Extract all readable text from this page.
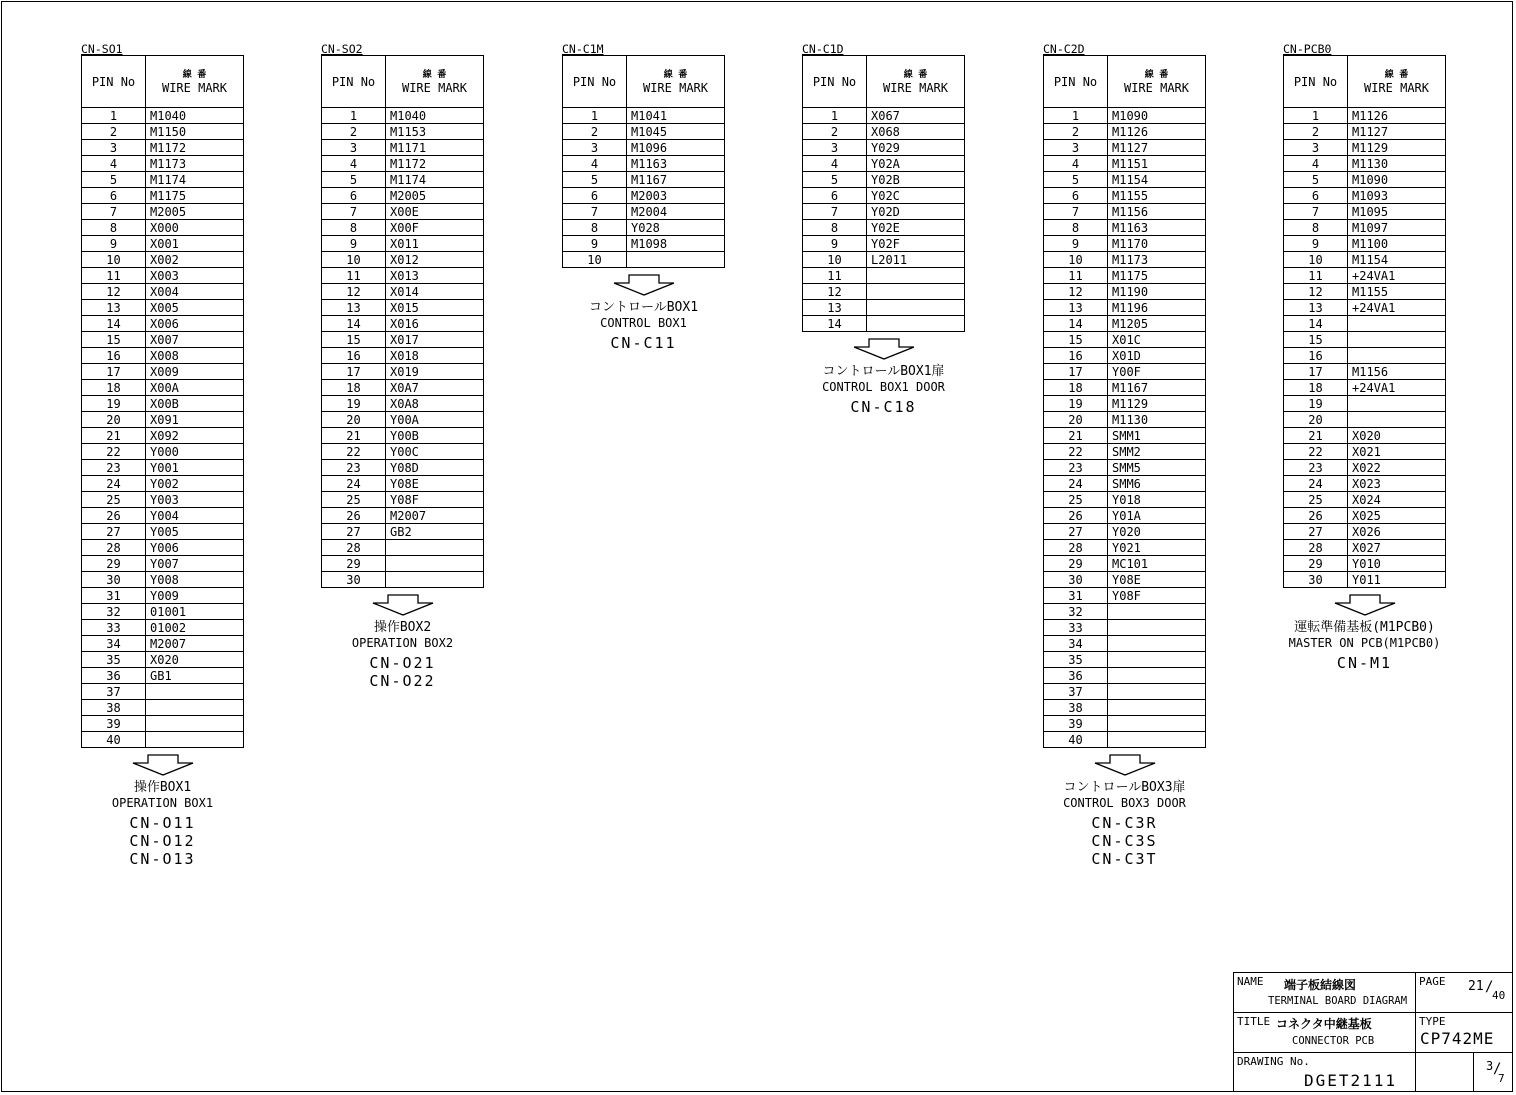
CN-SO1
PIN No	線 番
WIRE MARK

1	M1040
2	M1150
3	M1172
4	M1173
5	M1174
6	M1175
7	M2005
8	X000
9	X001
10	X002
11	X003
12	X004
13	X005
14	X006
15	X007
16	X008
17	X009
18	X00A
19	X00B
20	X091
21	X092
22	Y000
23	Y001
24	Y002
25	Y003
26	Y004
27	Y005
28	Y006
29	Y007
30	Y008
31	Y009
32	01001
33	01002
34	M2007
35	X020
36	GB1
37	
38	
39	
40	
操作BOX1
OPERATION BOX1
CN-O11
CN-O12
CN-O13
CN-SO2
PIN No	線 番
WIRE MARK

1	M1040
2	M1153
3	M1171
4	M1172
5	M1174
6	M2005
7	X00E
8	X00F
9	X011
10	X012
11	X013
12	X014
13	X015
14	X016
15	X017
16	X018
17	X019
18	X0A7
19	X0A8
20	Y00A
21	Y00B
22	Y00C
23	Y08D
24	Y08E
25	Y08F
26	M2007
27	GB2
28	
29	
30	
操作BOX2
OPERATION BOX2
CN-O21
CN-O22
CN-C1M
PIN No	線 番
WIRE MARK

1	M1041
2	M1045
3	M1096
4	M1163
5	M1167
6	M2003
7	M2004
8	Y028
9	M1098
10	
コントロールBOX1
CONTROL BOX1
CN-C11
CN-C1D
PIN No	線 番
WIRE MARK

1	X067
2	X068
3	Y029
4	Y02A
5	Y02B
6	Y02C
7	Y02D
8	Y02E
9	Y02F
10	L2011
11	
12	
13	
14	
コントロールBOX1扉
CONTROL BOX1 DOOR
CN-C18
CN-C2D
PIN No	線 番
WIRE MARK

1	M1090
2	M1126
3	M1127
4	M1151
5	M1154
6	M1155
7	M1156
8	M1163
9	M1170
10	M1173
11	M1175
12	M1190
13	M1196
14	M1205
15	X01C
16	X01D
17	Y00F
18	M1167
19	M1129
20	M1130
21	SMM1
22	SMM2
23	SMM5
24	SMM6
25	Y018
26	Y01A
27	Y020
28	Y021
29	MC101
30	Y08E
31	Y08F
32	
33	
34	
35	
36	
37	
38	
39	
40	
コントロールBOX3扉
CONTROL BOX3 DOOR
CN-C3R
CN-C3S
CN-C3T
CN-PCB0
PIN No	線 番
WIRE MARK

1	M1126
2	M1127
3	M1129
4	M1130
5	M1090
6	M1093
7	M1095
8	M1097
9	M1100
10	M1154
11	+24VA1
12	M1155
13	+24VA1
14	
15	
16	
17	M1156
18	+24VA1
19	
20	
21	X020
22	X021
23	X022
24	X023
25	X024
26	X025
27	X026
28	X027
29	Y010
30	Y011
運転準備基板(M1PCB0)
MASTER ON PCB(M1PCB0)
CN-M1
NAME 端子板結線図
TERMINAL BOARD DIAGRAM
PAGE 21 /
40
TITLE コネクタ中継基板
CONNECTOR PCB
TYPE
CP742ME
DRAWING No.
DGET2111
3 /
7
